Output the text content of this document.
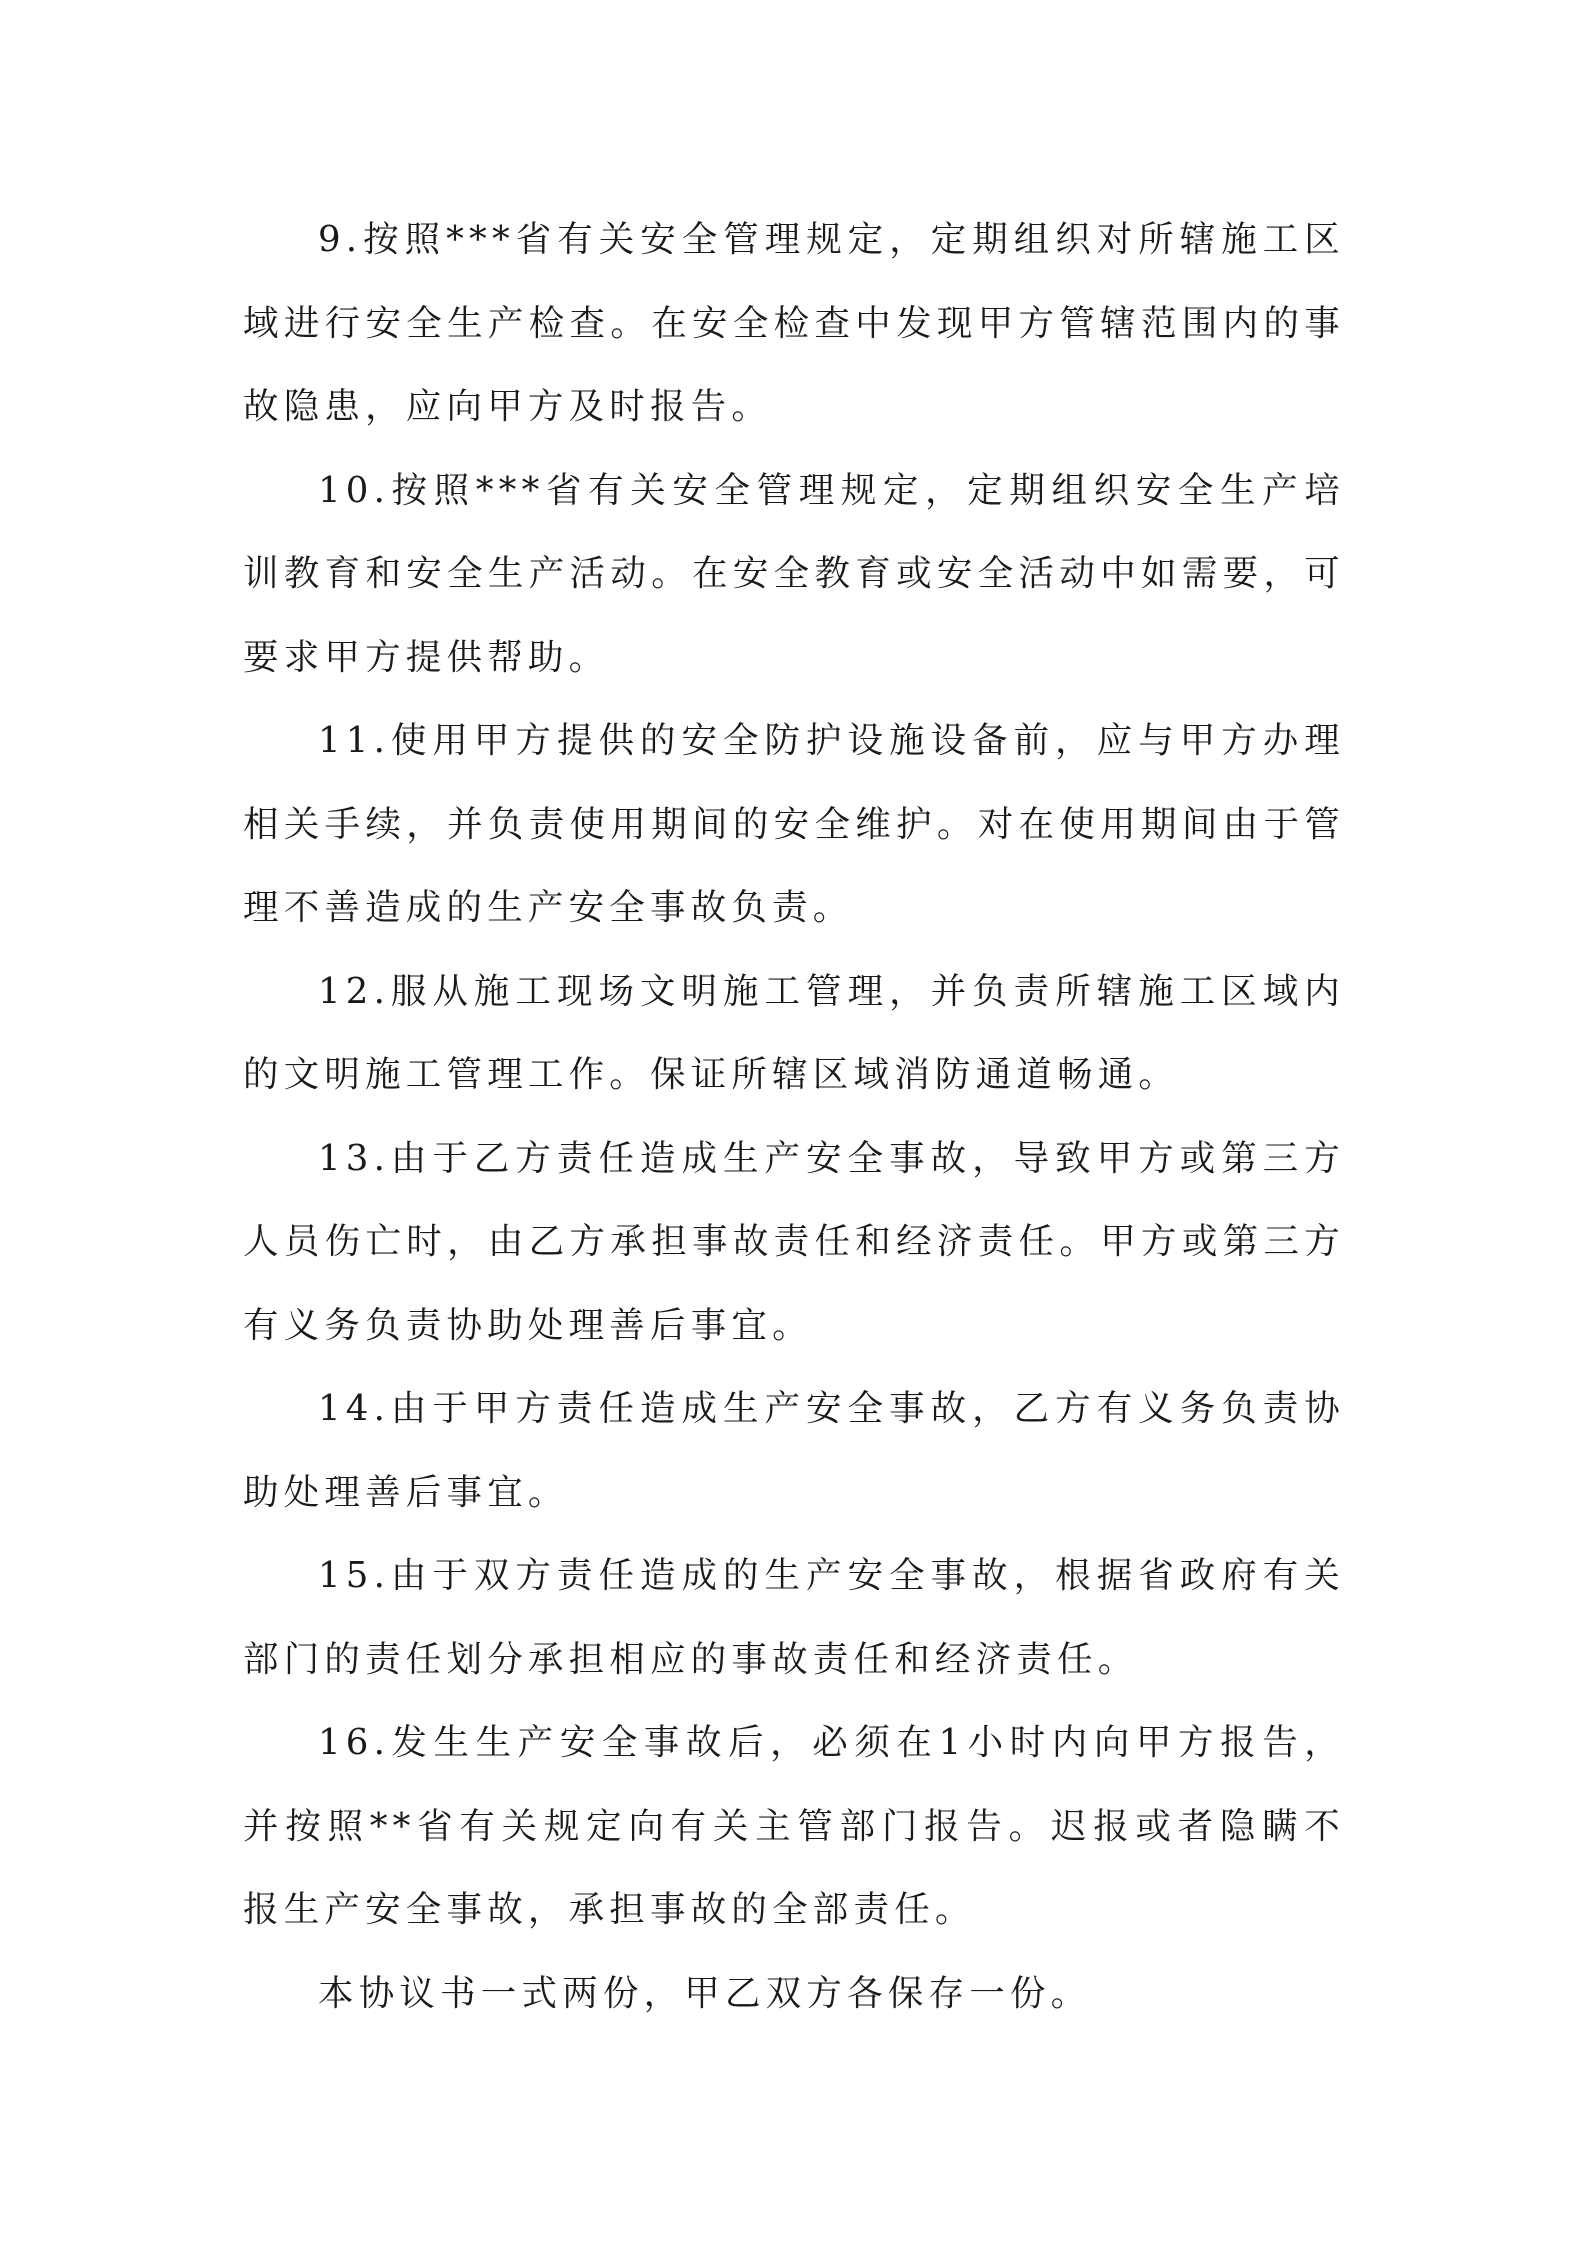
9.按照***省有关安全管理规定，定期组织对所辖施工区域进行安全生产检查。在安全检查中发现甲方管辖范围内的事故隐患，应向甲方及时报告。

10.按照***省有关安全管理规定，定期组织安全生产培训教育和安全生产活动。在安全教育或安全活动中如需要，可要求甲方提供帮助。

11.使用甲方提供的安全防护设施设备前，应与甲方办理相关手续，并负责使用期间的安全维护。对在使用期间由于管理不善造成的生产安全事故负责。

12.服从施工现场文明施工管理，并负责所辖施工区域内的文明施工管理工作。保证所辖区域消防通道畅通。

13.由于乙方责任造成生产安全事故，导致甲方或第三方人员伤亡时，由乙方承担事故责任和经济责任。甲方或第三方有义务负责协助处理善后事宜。

14.由于甲方责任造成生产安全事故，乙方有义务负责协助处理善后事宜。

15.由于双方责任造成的生产安全事故，根据省政府有关部门的责任划分承担相应的事故责任和经济责任。

16.发生生产安全事故后，必须在1小时内向甲方报告，并按照**省有关规定向有关主管部门报告。迟报或者隐瞒不报生产安全事故，承担事故的全部责任。

本协议书一式两份，甲乙双方各保存一份。
